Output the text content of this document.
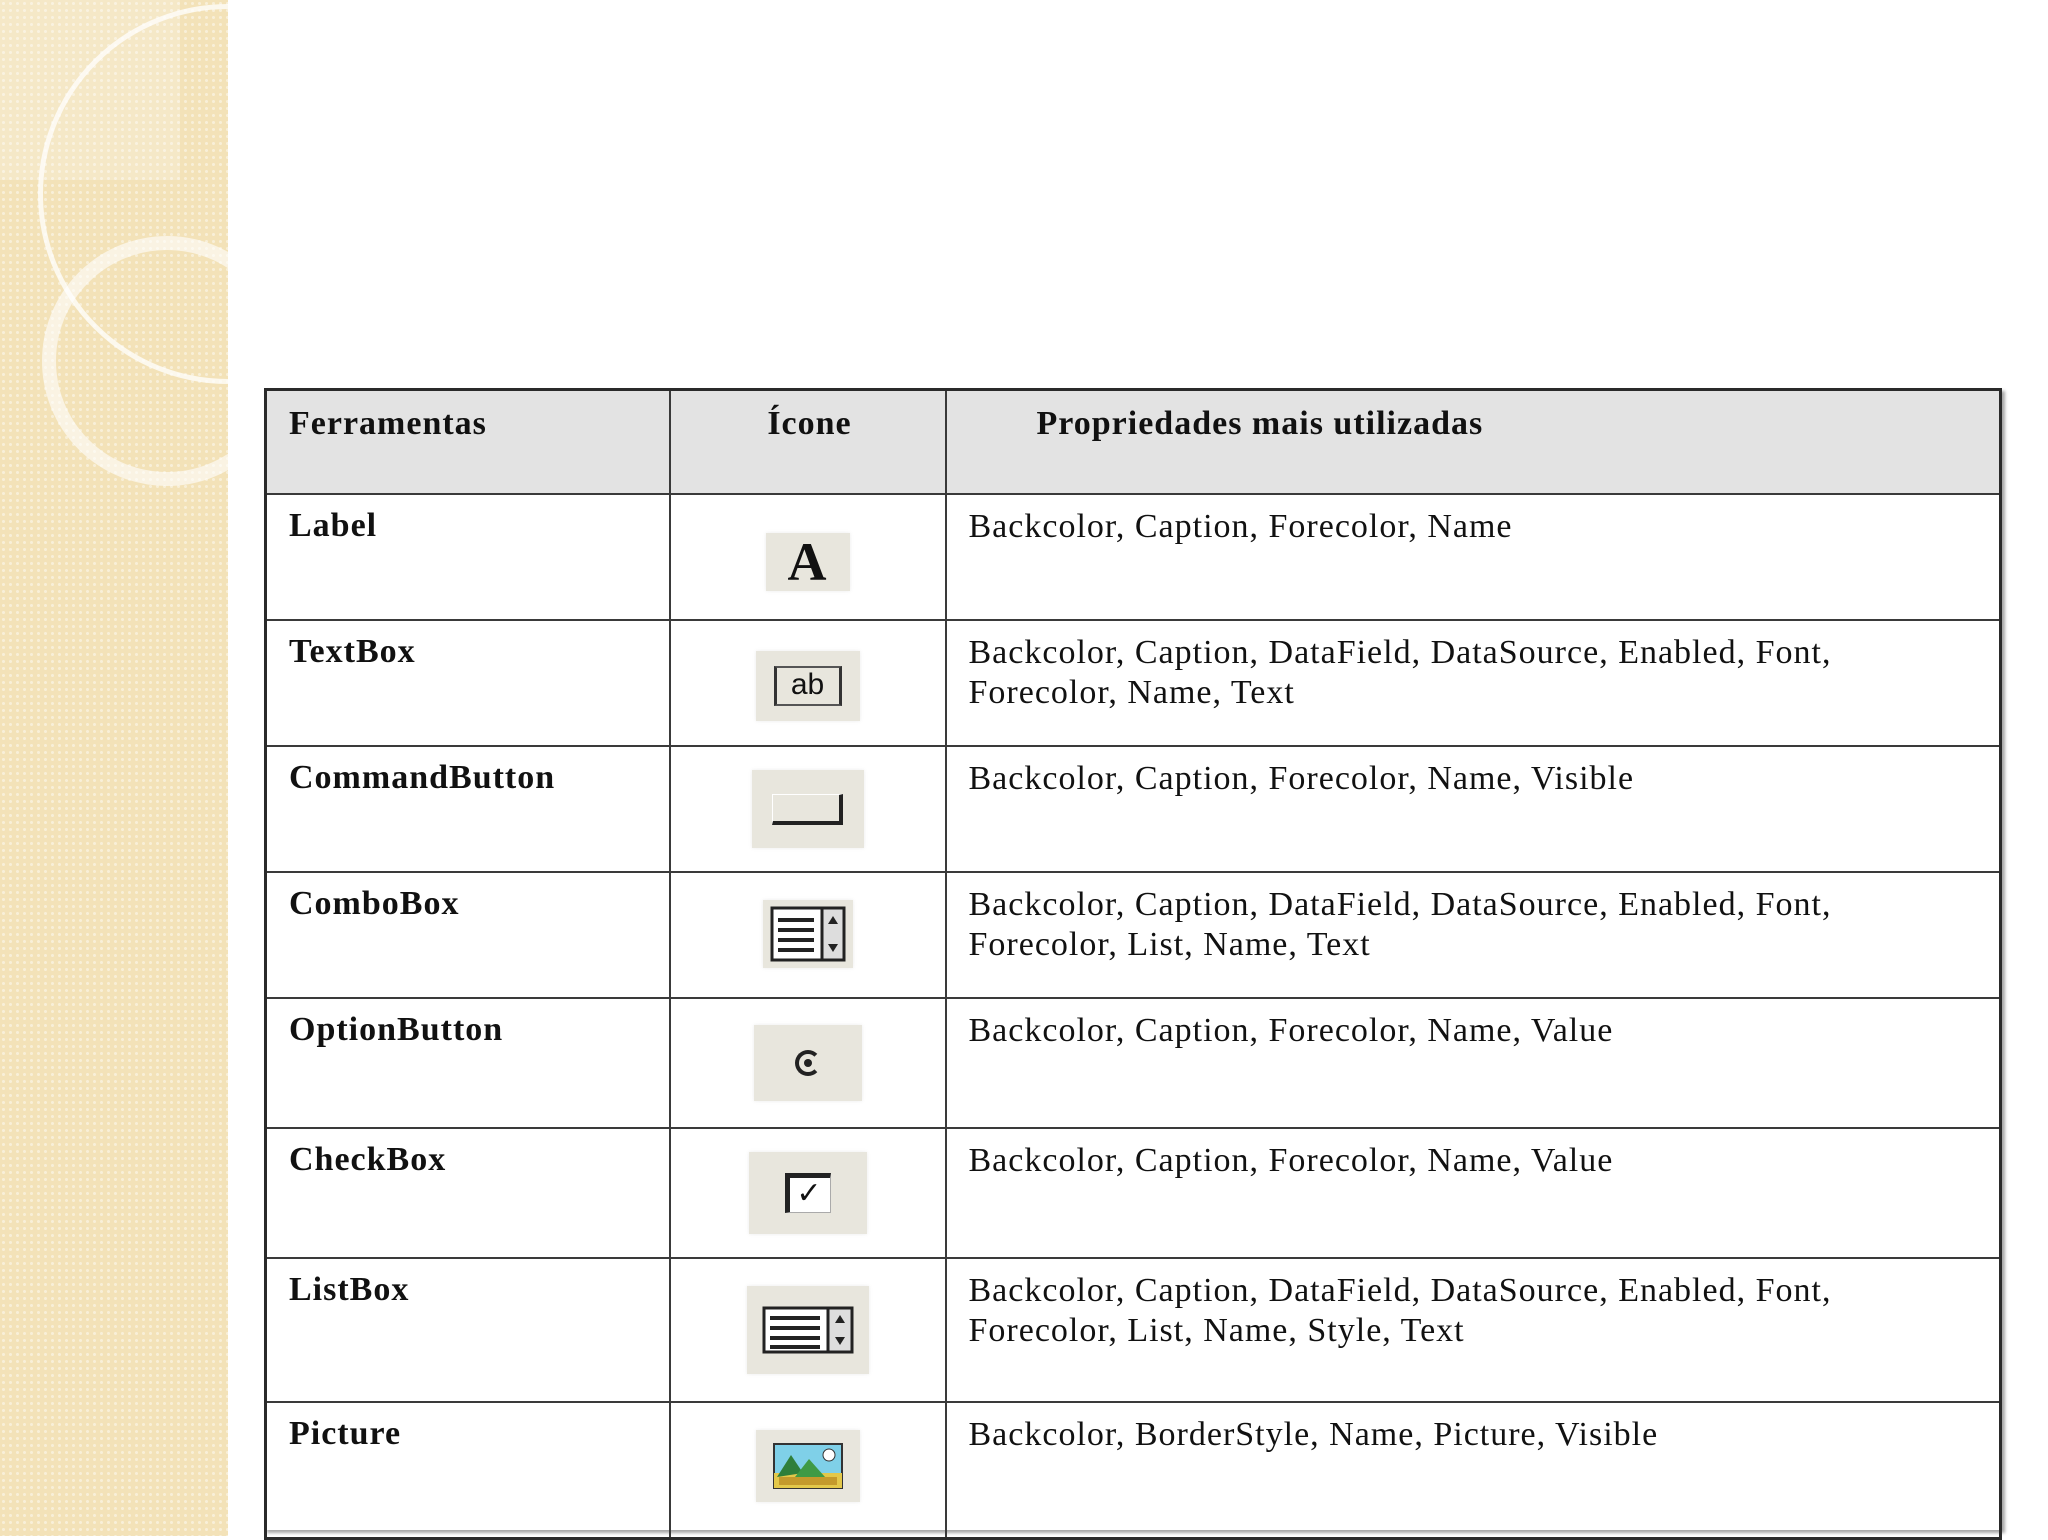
Ferramentas	Ícone	Propriedades mais utilizadas
Label	A	Backcolor, Caption, Forecolor, Name
TextBox	ab	Backcolor, Caption, DataField, DataSource, Enabled, Font, Forecolor, Name, Text
CommandButton		Backcolor, Caption, Forecolor, Name, Visible
ComboBox		Backcolor, Caption, DataField, DataSource, Enabled, Font, Forecolor, List, Name, Text
OptionButton		Backcolor, Caption, Forecolor, Name, Value
CheckBox	✓	Backcolor, Caption, Forecolor, Name, Value
ListBox		Backcolor, Caption, DataField, DataSource, Enabled, Font, Forecolor, List, Name, Style, Text
Picture		Backcolor, BorderStyle, Name, Picture, Visible
